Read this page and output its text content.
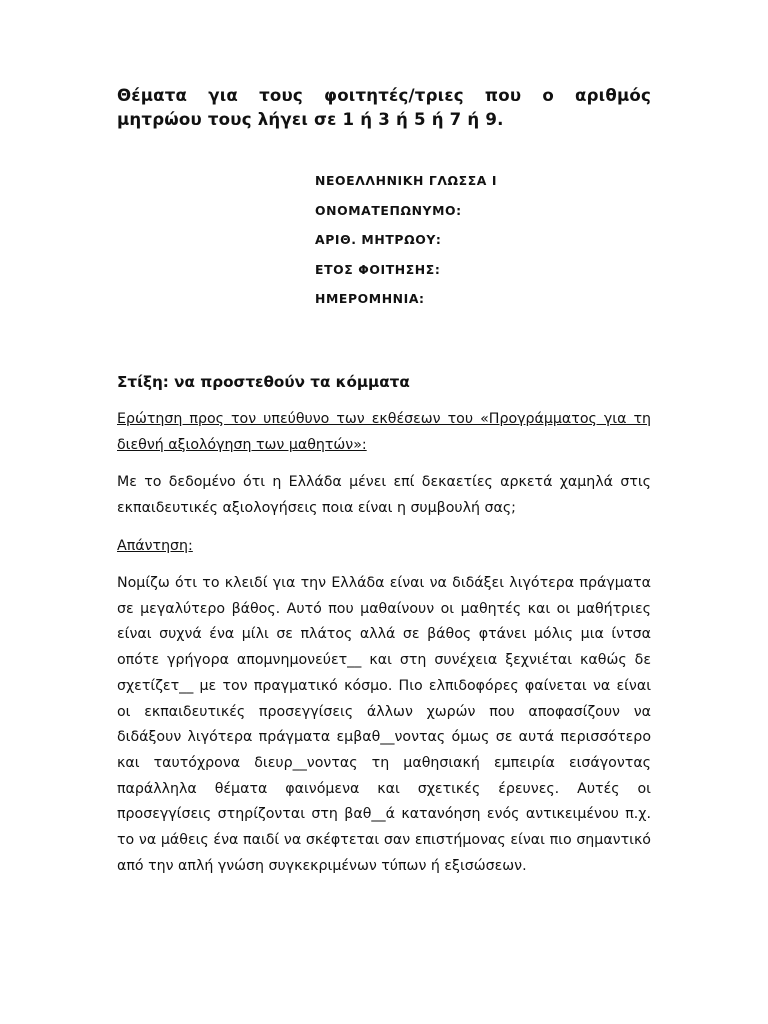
Θέματα για τους φοιτητές/τριες που ο αριθμός μητρώου τους λήγει σε 1 ή 3 ή 5 ή 7 ή 9.

ΝΕΟΕΛΛΗΝΙΚΗ ΓΛΩΣΣΑ Ι

ΟΝΟΜΑΤΕΠΩΝΥΜΟ:

ΑΡΙΘ. ΜΗΤΡΩΟΥ:

ΕΤΟΣ ΦΟΙΤΗΣΗΣ:

ΗΜΕΡΟΜΗΝΙΑ:

Στίξη: να προστεθούν τα κόμματα

Ερώτηση προς τον υπεύθυνο των εκθέσεων του «Προγράμματος για τη διεθνή αξιολόγηση των μαθητών»:

Με το δεδομένο ότι η Ελλάδα μένει επί δεκαετίες αρκετά χαμηλά στις εκπαιδευτικές αξιολογήσεις ποια είναι η συμβουλή σας;

Απάντηση:

Νομίζω ότι το κλειδί για την Ελλάδα είναι να διδάξει λιγότερα πράγματα σε μεγαλύτερο βάθος. Αυτό που μαθαίνουν οι μαθητές και οι μαθήτριες  είναι συχνά ένα μίλι σε πλάτος αλλά σε βάθος φτάνει μόλις μια ίντσα οπότε γρήγορα απομνημονεύετ__ και στη συνέχεια ξεχνιέται καθώς δε σχετίζετ__ με τον πραγματικό κόσμο. Πιο ελπιδοφόρες φαίνεται να είναι οι εκπαιδευτικές προσεγγίσεις άλλων χωρών που αποφασίζουν να διδάξουν λιγότερα πράγματα εμβαθ__νοντας όμως σε αυτά περισσότερο και ταυτόχρονα διευρ__νοντας τη μαθησιακή εμπειρία εισάγοντας παράλληλα θέματα φαινόμενα και σχετικές έρευνες. Αυτές οι προσεγγίσεις στηρίζονται στη βαθ__ά κατανόηση ενός αντικειμένου π.χ. το να μάθεις ένα παιδί να σκέφτεται σαν επιστήμονας είναι πιο σημαντικό από την απλή γνώση συγκεκριμένων τύπων ή εξισώσεων.
